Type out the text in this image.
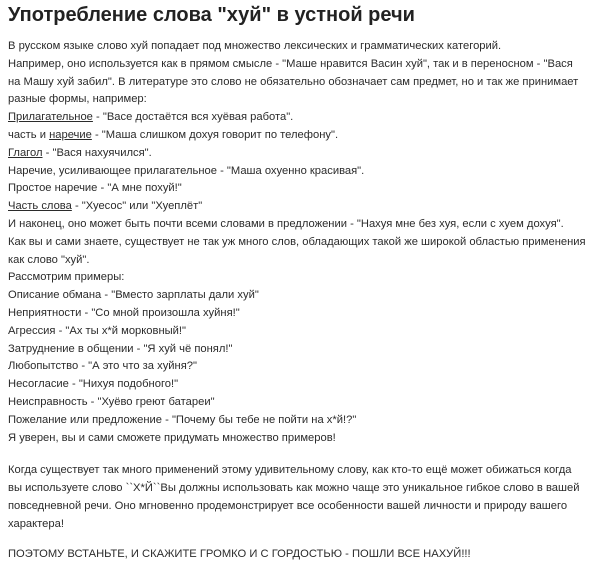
Употребление слова "хуй" в устной речи
В русском языке слово хуй попадает под множество лексических и грамматических категорий.
Например, оно используется как в прямом смысле - "Маше нравится Васин хуй", так и в переносном - "Вася на Машу хуй забил". В литературе это слово не обязательно обозначает сам предмет, но и так же принимает разные формы, например:
Прилагательное - "Васе достаётся вся хуёвая работа".
часть и наречие - "Маша слишком дохуя говорит по телефону".
Глагол - "Вася нахуячился".
Наречие, усиливающее прилагательное - "Маша охуенно красивая".
Простое наречие - "А мне похуй!"
Часть слова - "Хуесос" или "Хуеплёт"
И наконец, оно может быть почти всеми словами в предложении - "Нахуя мне без хуя, если с хуем дохуя".
Как вы и сами знаете, существует не так уж много слов, обладающих такой же широкой областью применения как слово "хуй".
Рассмотрим примеры:
Описание обмана - "Вместо зарплаты дали хуй"
Неприятности - "Со мной произошла хуйня!"
Агрессия - "Ах ты х*й морковный!"
Затруднение в общении - "Я хуй чё понял!"
Любопытство - "А это что за хуйня?"
Несогласие - "Нихуя подобного!"
Неисправность - "Хуёво греют батареи"
Пожелание или предложение - "Почему бы тебе не пойти на х*й!?"
Я уверен, вы и сами сможете придумать множество примеров!
Когда существует так много применений этому удивительному слову, как кто-то ещё может обижаться когда вы используете слово ``Х*Й``Вы должны использовать как можно чаще это уникальное гибкое слово в вашей повседневной речи. Оно мгновенно продемонстрирует все особенности вашей личности и природу вашего характера!
ПОЭТОМУ ВСТАНЬТЕ, И СКАЖИТЕ ГРОМКО И С ГОРДОСТЬЮ - ПОШЛИ ВСЕ НАХУЙ!!!
